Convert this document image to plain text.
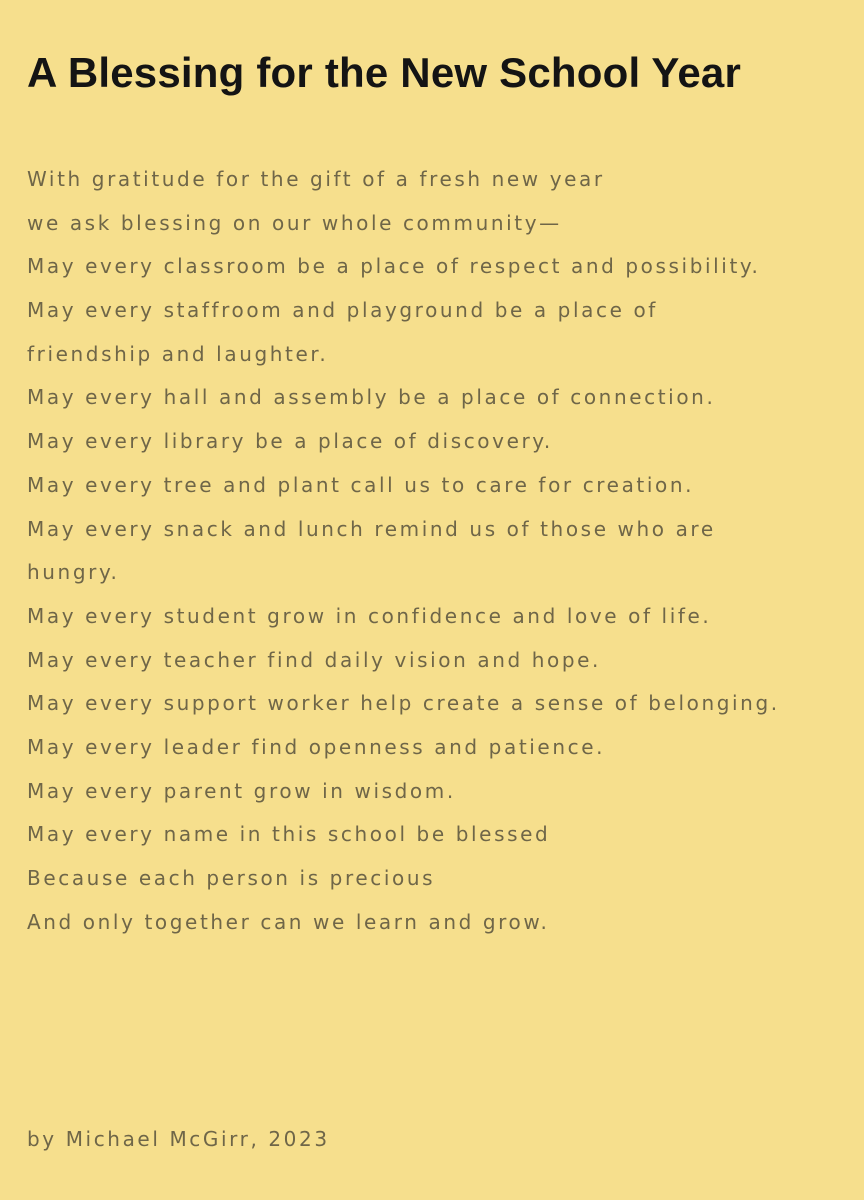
A Blessing for the New School Year
With gratitude for the gift of a fresh new year
we ask blessing on our whole community—
May every classroom be a place of respect and possibility.
May every staffroom and playground be a place of
friendship and laughter.
May every hall and assembly be a place of connection.
May every library be a place of discovery.
May every tree and plant call us to care for creation.
May every snack and lunch remind us of those who are
hungry.
May every student grow in confidence and love of life.
May every teacher find daily vision and hope.
May every support worker help create a sense of belonging.
May every leader find openness and patience.
May every parent grow in wisdom.
May every name in this school be blessed
Because each person is precious
And only together can we learn and grow.

by Michael McGirr, 2023
